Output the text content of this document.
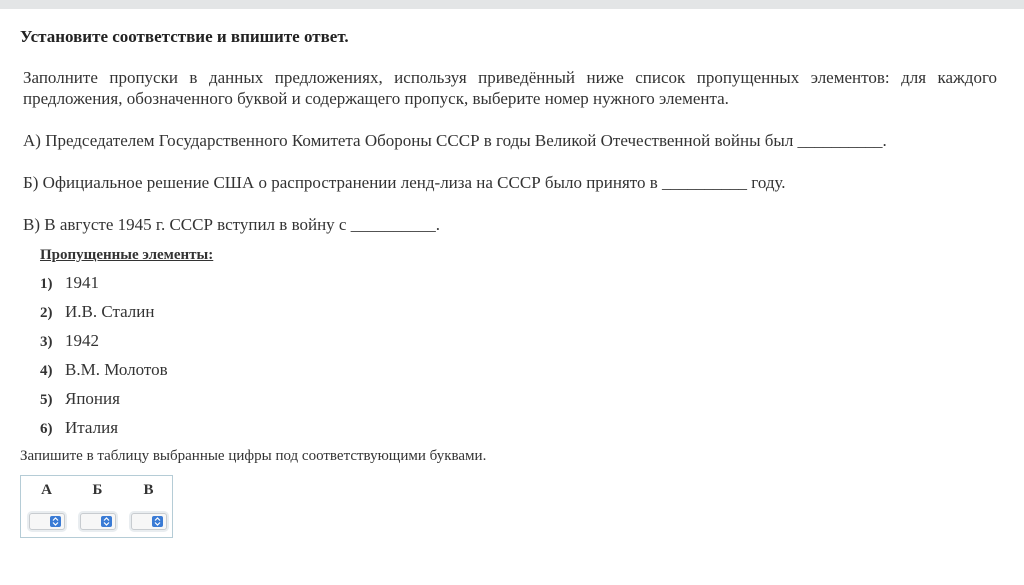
Установите соответствие и впишите ответ.
Заполните пропуски в данных предложениях, используя приведённый ниже список пропущенных элементов: для каждого предложения, обозначенного буквой и содержащего пропуск, выберите номер нужного элемента.
А) Председателем Государственного Комитета Обороны СССР в годы Великой Отечественной войны был __________.
Б) Официальное решение США о распространении ленд-лиза на СССР было принято в __________ году.
В) В августе 1945 г. СССР вступил в войну с __________.
Пропущенные элементы:
1) 1941
2) И.В. Сталин
3) 1942
4) В.М. Молотов
5) Япония
6) Италия
Запишите в таблицу выбранные цифры под соответствующими буквами.
А	Б	В
